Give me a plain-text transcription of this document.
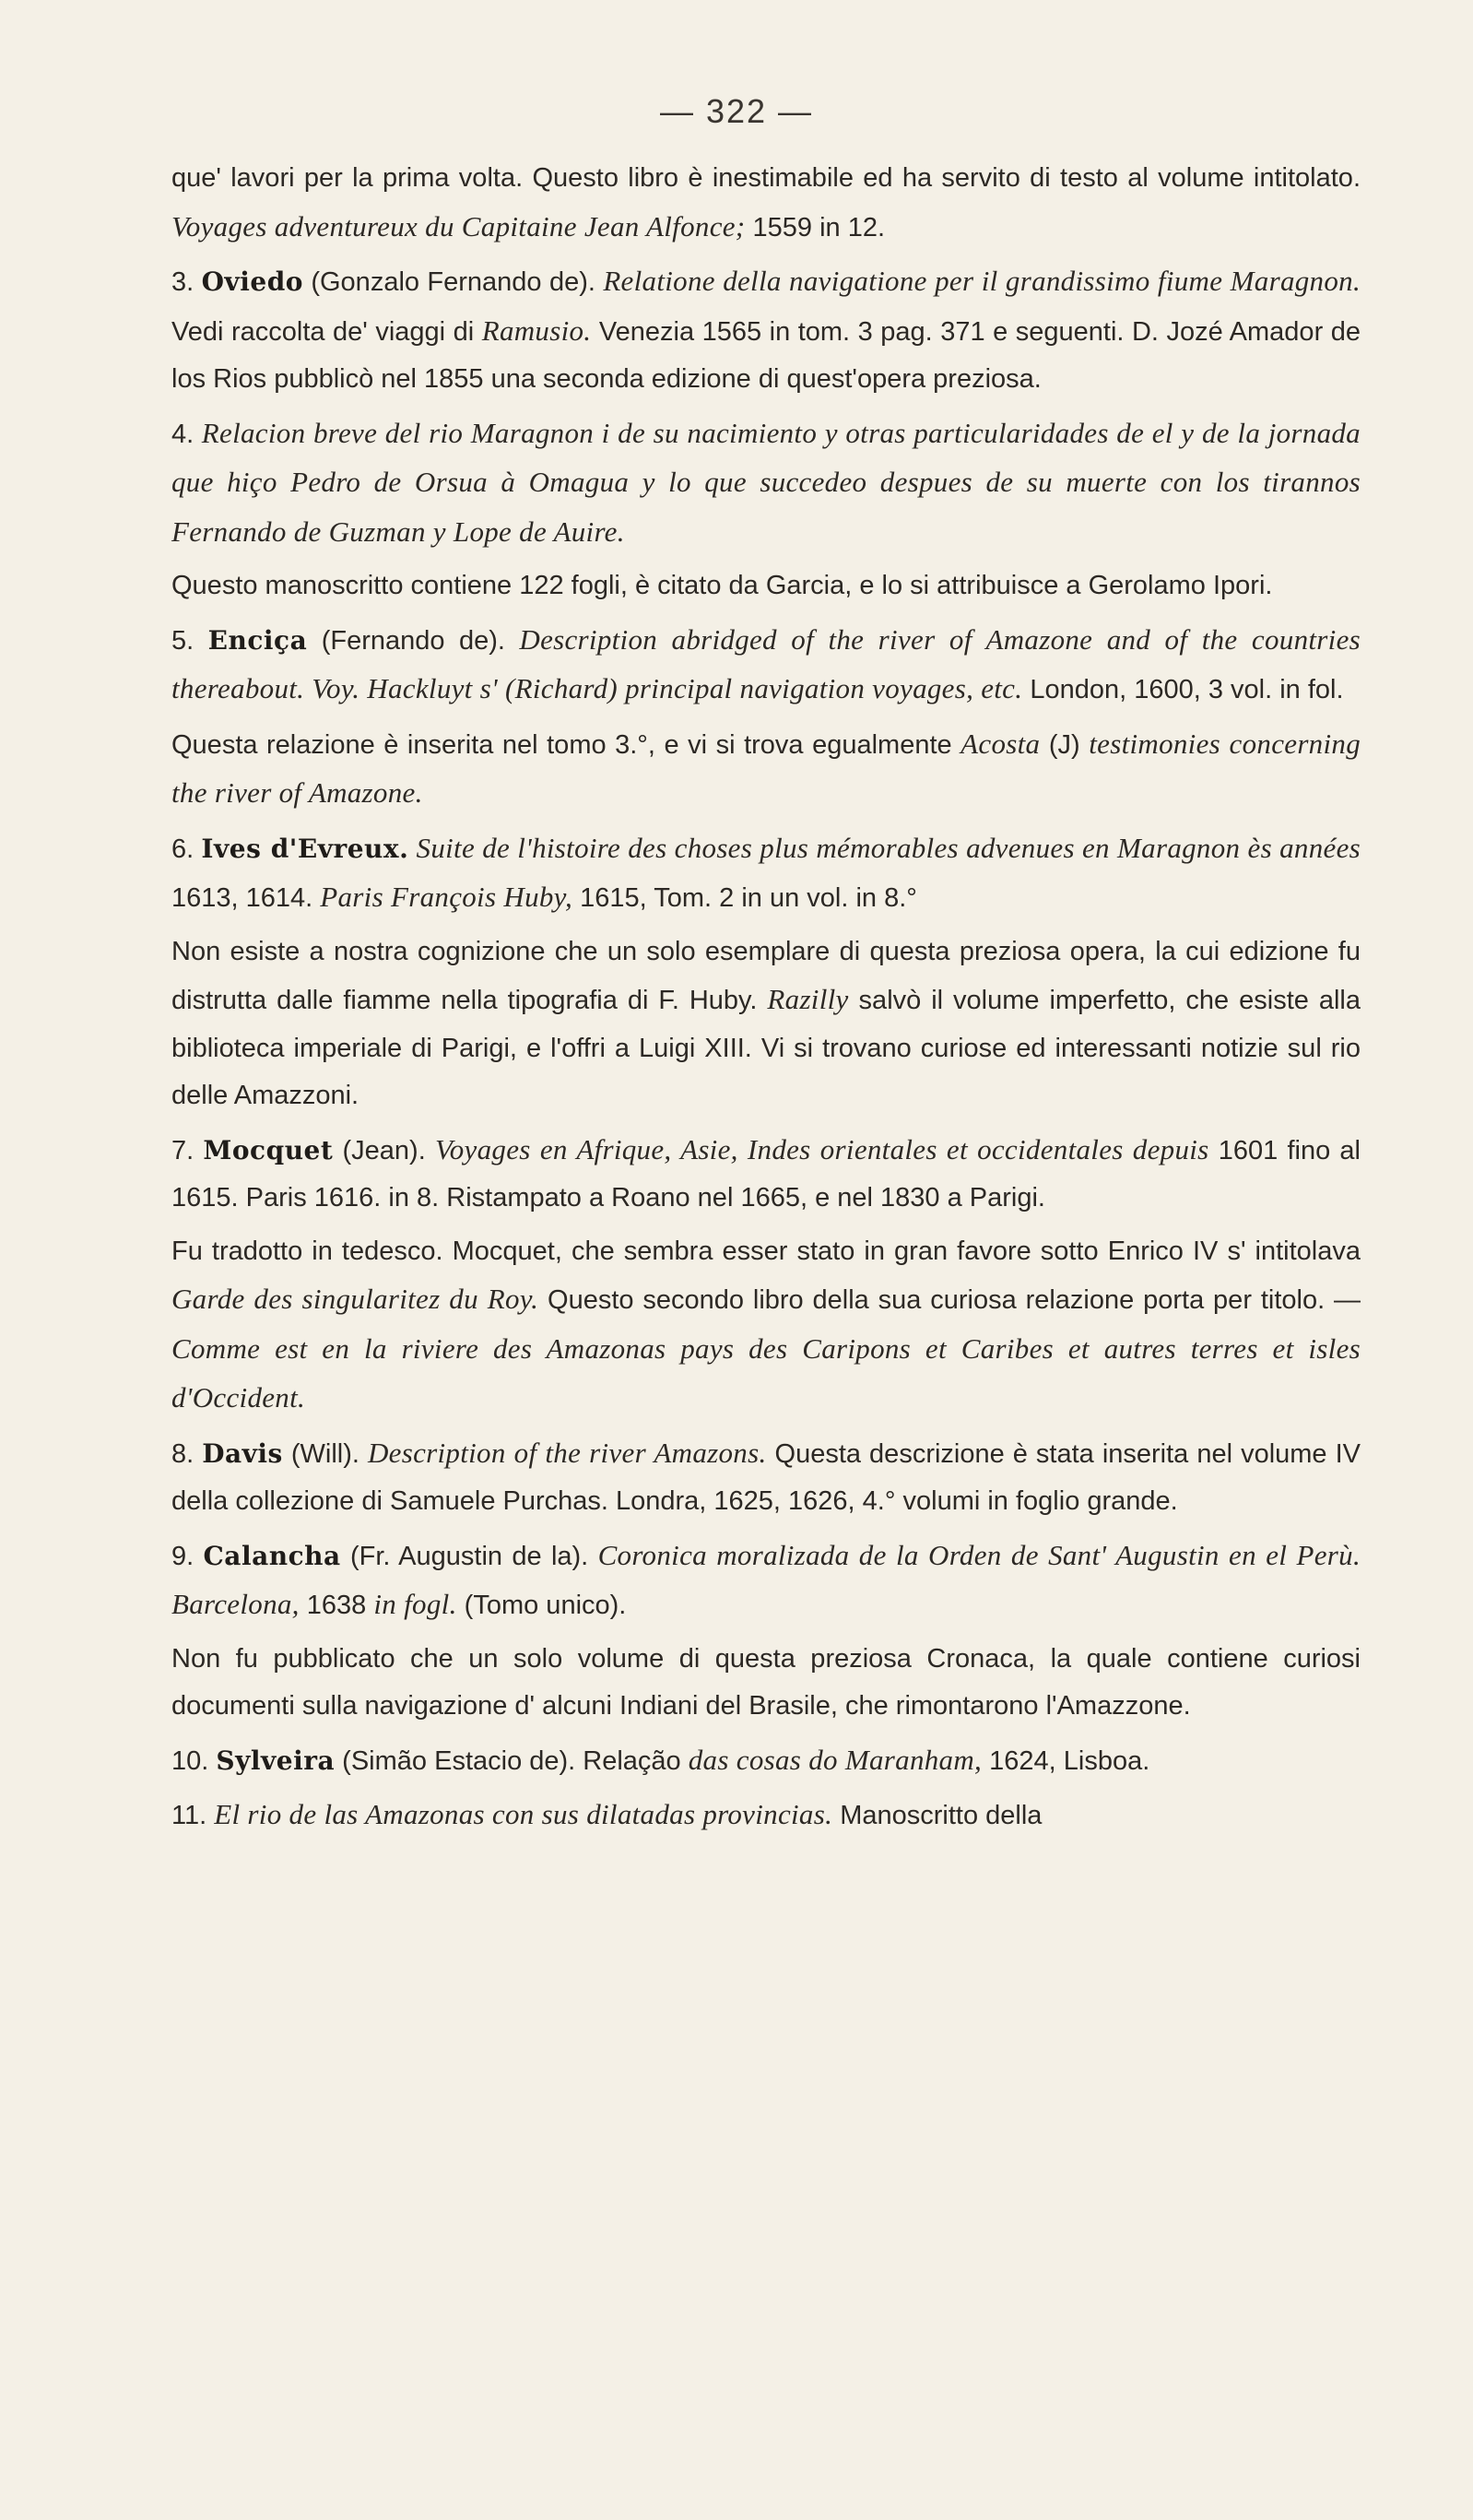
— 322 —

que' lavori per la prima volta. Questo libro è inestimabile ed ha servito di testo al volume intitolato. Voyages adventureux du Capitaine Jean Alfonce; 1559 in 12.

3. Oviedo (Gonzalo Fernando de). Relatione della navigatione per il grandissimo fiume Maragnon. Vedi raccolta de' viaggi di Ramusio. Venezia 1565 in tom. 3 pag. 371 e seguenti. D. Jozé Amador de los Rios pubblicò nel 1855 una seconda edizione di quest'opera preziosa.

4. Relacion breve del rio Maragnon i de su nacimiento y otras particularidades de el y de la jornada que hiço Pedro de Orsua à Omagua y lo que succedeo despues de su muerte con los tirannos Fernando de Guzman y Lope de Auire.

Questo manoscritto contiene 122 fogli, è citato da Garcia, e lo si attribuisce a Gerolamo Ipori.

5. Enciça (Fernando de). Description abridged of the river of Amazone and of the countries thereabout. Voy. Hackluyt s' (Richard) principal navigation voyages, etc. London, 1600, 3 vol. in fol.

Questa relazione è inserita nel tomo 3.°, e vi si trova egualmente Acosta (J) testimonies concerning the river of Amazone.

6. Ives d'Evreux. Suite de l'histoire des choses plus mémorables advenues en Maragnon ès années 1613, 1614. Paris François Huby, 1615, Tom. 2 in un vol. in 8.°

Non esiste a nostra cognizione che un solo esemplare di questa preziosa opera, la cui edizione fu distrutta dalle fiamme nella tipografia di F. Huby. Razilly salvò il volume imperfetto, che esiste alla biblioteca imperiale di Parigi, e l'offri a Luigi XIII. Vi si trovano curiose ed interessanti notizie sul rio delle Amazzoni.

7. Mocquet (Jean). Voyages en Afrique, Asie, Indes orientales et occidentales depuis 1601 fino al 1615. Paris 1616. in 8. Ristampato a Roano nel 1665, e nel 1830 a Parigi.

Fu tradotto in tedesco. Mocquet, che sembra esser stato in gran favore sotto Enrico IV s' intitolava Garde des singularitez du Roy. Questo secondo libro della sua curiosa relazione porta per titolo. — Comme est en la riviere des Amazonas pays des Caripons et Caribes et autres terres et isles d'Occident.

8. Davis (Will). Description of the river Amazons. Questa descrizione è stata inserita nel volume IV della collezione di Samuele Purchas. Londra, 1625, 1626, 4.° volumi in foglio grande.

9. Calancha (Fr. Augustin de la). Coronica moralizada de la Orden de Sant' Augustin en el Perù. Barcelona, 1638 in fogl. (Tomo unico).

Non fu pubblicato che un solo volume di questa preziosa Cronaca, la quale contiene curiosi documenti sulla navigazione d' alcuni Indiani del Brasile, che rimontarono l'Amazzone.

10. Sylveira (Simão Estacio de). Relação das cosas do Maranham, 1624, Lisboa.

11. El rio de las Amazonas con sus dilatadas provincias. Manoscritto della
